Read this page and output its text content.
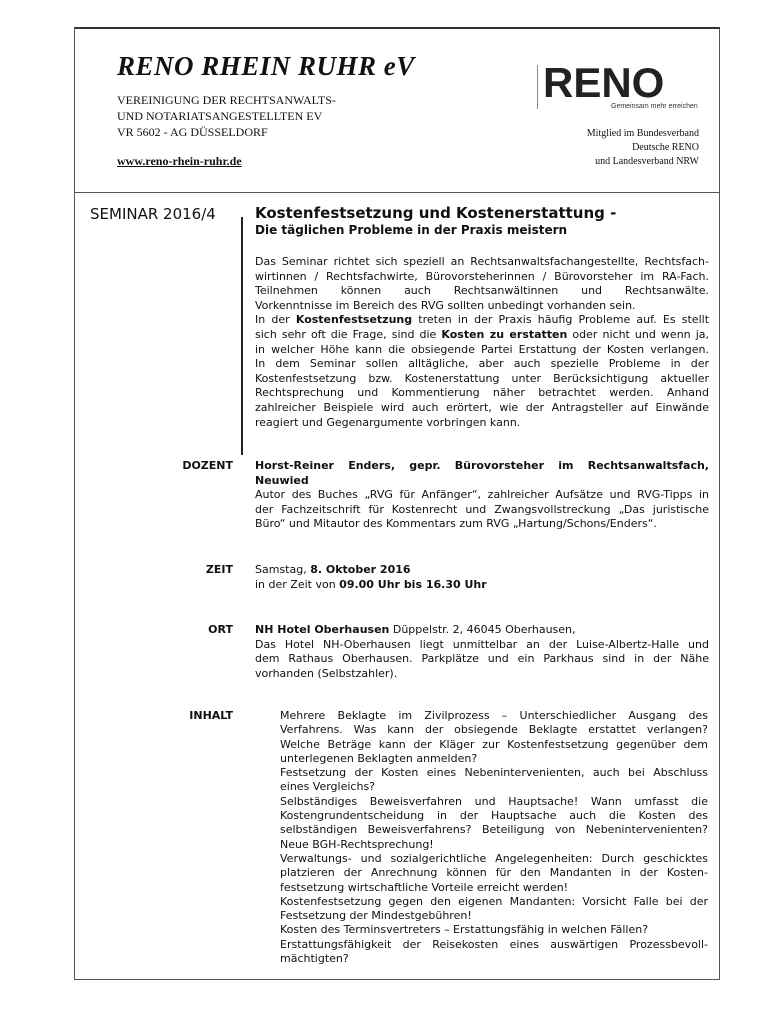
RENO RHEIN RUHR eV
VEREINIGUNG DER RECHTSANWALTS-
UND NOTARIATSANGESTELLTEN EV
VR 5602 - AG DÜSSELDORF
www.reno-rhein-ruhr.de
RENO
Gemeinsam mehr erreichen
Mitglied im Bundesverband
Deutsche RENO
und Landesverband NRW
SEMINAR 2016/4	Kostenfestsetzung und Kostenerstattung -
Die täglichen Probleme in der Praxis meistern
Das Seminar richtet sich speziell an Rechtsanwaltsfachangestellte, Rechtsfach-
wirtinnen / Rechtsfachwirte, Bürovorsteherinnen / Bürovorsteher im RA-Fach.
Teilnehmen können auch Rechtsanwältinnen und Rechtsanwälte.
Vorkenntnisse im Bereich des RVG sollten unbedingt vorhanden sein.
In der Kostenfestsetzung treten in der Praxis häufig Probleme auf. Es stellt
sich sehr oft die Frage, sind die Kosten zu erstatten oder nicht und wenn ja,
in welcher Höhe kann die obsiegende Partei Erstattung der Kosten verlangen.
In dem Seminar sollen alltägliche, aber auch spezielle Probleme in der
Kostenfestsetzung bzw. Kostenerstattung unter Berücksichtigung aktueller
Rechtsprechung und Kommentierung näher betrachtet werden. Anhand
zahlreicher Beispiele wird auch erörtert, wie der Antragsteller auf Einwände
reagiert und Gegenargumente vorbringen kann.
DOZENT Horst-Reiner Enders, gepr. Bürovorsteher im Rechtsanwaltsfach,
Neuwied
Autor des Buches „RVG für Anfänger“, zahlreicher Aufsätze und RVG-Tipps in
der Fachzeitschrift für Kostenrecht und Zwangsvollstreckung „Das juristische
Büro“ und Mitautor des Kommentars zum RVG „Hartung/Schons/Enders“.
ZEIT Samstag, 8. Oktober 2016
in der Zeit von 09.00 Uhr bis 16.30 Uhr
ORT NH Hotel Oberhausen Düppelstr. 2, 46045 Oberhausen,
Das Hotel NH-Oberhausen liegt unmittelbar an der Luise-Albertz-Halle und
dem Rathaus Oberhausen. Parkplätze und ein Parkhaus sind in der Nähe
vorhanden (Selbstzahler).
INHALT	Mehrere Beklagte im Zivilprozess – Unterschiedlicher Ausgang des
Verfahrens. Was kann der obsiegende Beklagte erstattet verlangen?
Welche Beträge kann der Kläger zur Kostenfestsetzung gegenüber dem
unterlegenen Beklagten anmelden?
Festsetzung der Kosten eines Nebenintervenienten, auch bei Abschluss
eines Vergleichs?
Selbständiges Beweisverfahren und Hauptsache! Wann umfasst die
Kostengrundentscheidung in der Hauptsache auch die Kosten des
selbständigen Beweisverfahrens? Beteiligung von Nebenintervenienten?
Neue BGH-Rechtsprechung!
Verwaltungs- und sozialgerichtliche Angelegenheiten: Durch geschicktes
platzieren der Anrechnung können für den Mandanten in der Kosten-
festsetzung wirtschaftliche Vorteile erreicht werden!
Kostenfestsetzung gegen den eigenen Mandanten: Vorsicht Falle bei der
Festsetzung der Mindestgebühren!
Kosten des Terminsvertreters – Erstattungsfähig in welchen Fällen?
Erstattungsfähigkeit der Reisekosten eines auswärtigen Prozessbevoll-
mächtigten?
